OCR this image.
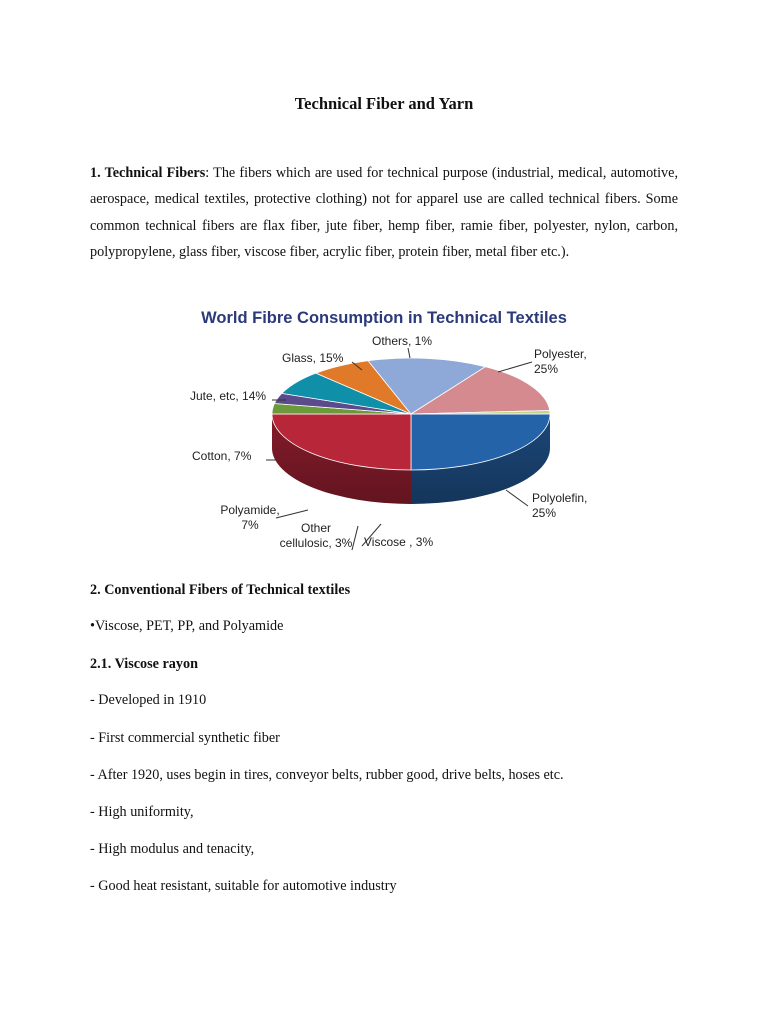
Technical Fiber and Yarn

1. Technical Fibers: The fibers which are used for technical purpose (industrial, medical, automotive, aerospace, medical textiles, protective clothing) not for apparel use are called technical fibers. Some common technical fibers are flax fiber, jute fiber, hemp fiber, ramie fiber, polyester, nylon, carbon, polypropylene, glass fiber, viscose fiber, acrylic fiber, protein fiber, metal fiber etc.).

World Fibre Consumption in Technical Textiles
Polyester, 25%
Polyolefin, 25%
Viscose , 3%
Other cellulosic, 3%
Polyamide, 7%
Cotton, 7%
Jute, etc, 14%
Glass, 15%
Others, 1%
2. Conventional Fibers of Technical textiles
•Viscose, PET, PP, and Polyamide
2.1. Viscose rayon
- Developed in 1910
- First commercial synthetic fiber
- After 1920, uses begin in tires, conveyor belts, rubber good, drive belts, hoses etc.
- High uniformity,
- High modulus and tenacity,
- Good heat resistant, suitable for automotive industry
